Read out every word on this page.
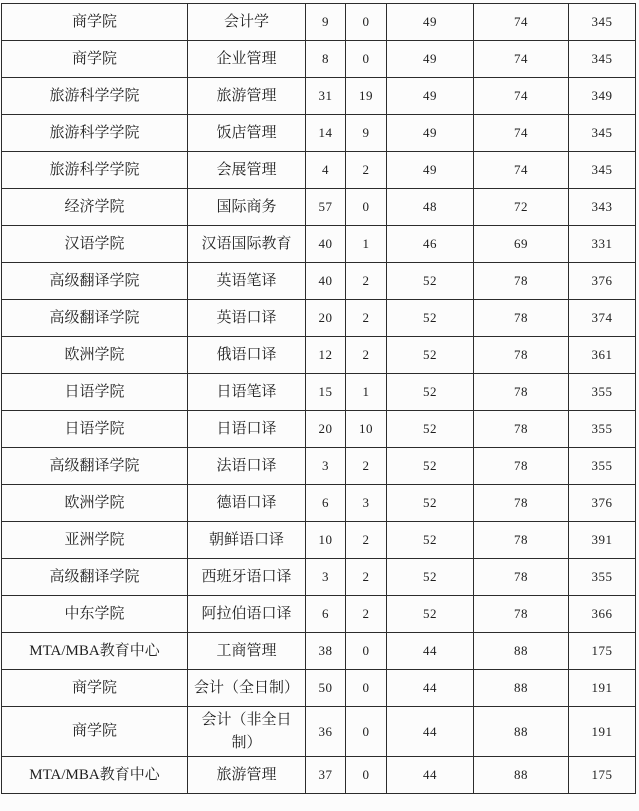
商学院	会计学	9	0	49	74	345
商学院	企业管理	8	0	49	74	345
旅游科学学院	旅游管理	31	19	49	74	349
旅游科学学院	饭店管理	14	9	49	74	345
旅游科学学院	会展管理	4	2	49	74	345
经济学院	国际商务	57	0	48	72	343
汉语学院	汉语国际教育	40	1	46	69	331
高级翻译学院	英语笔译	40	2	52	78	376
高级翻译学院	英语口译	20	2	52	78	374
欧洲学院	俄语口译	12	2	52	78	361
日语学院	日语笔译	15	1	52	78	355
日语学院	日语口译	20	10	52	78	355
高级翻译学院	法语口译	3	2	52	78	355
欧洲学院	德语口译	6	3	52	78	376
亚洲学院	朝鲜语口译	10	2	52	78	391
高级翻译学院	西班牙语口译	3	2	52	78	355
中东学院	阿拉伯语口译	6	2	52	78	366
MTA/MBA教育中心	工商管理	38	0	44	88	175
商学院	会计（全日制）	50	0	44	88	191
商学院	会计（非全日制）	36	0	44	88	191
MTA/MBA教育中心	旅游管理	37	0	44	88	175
